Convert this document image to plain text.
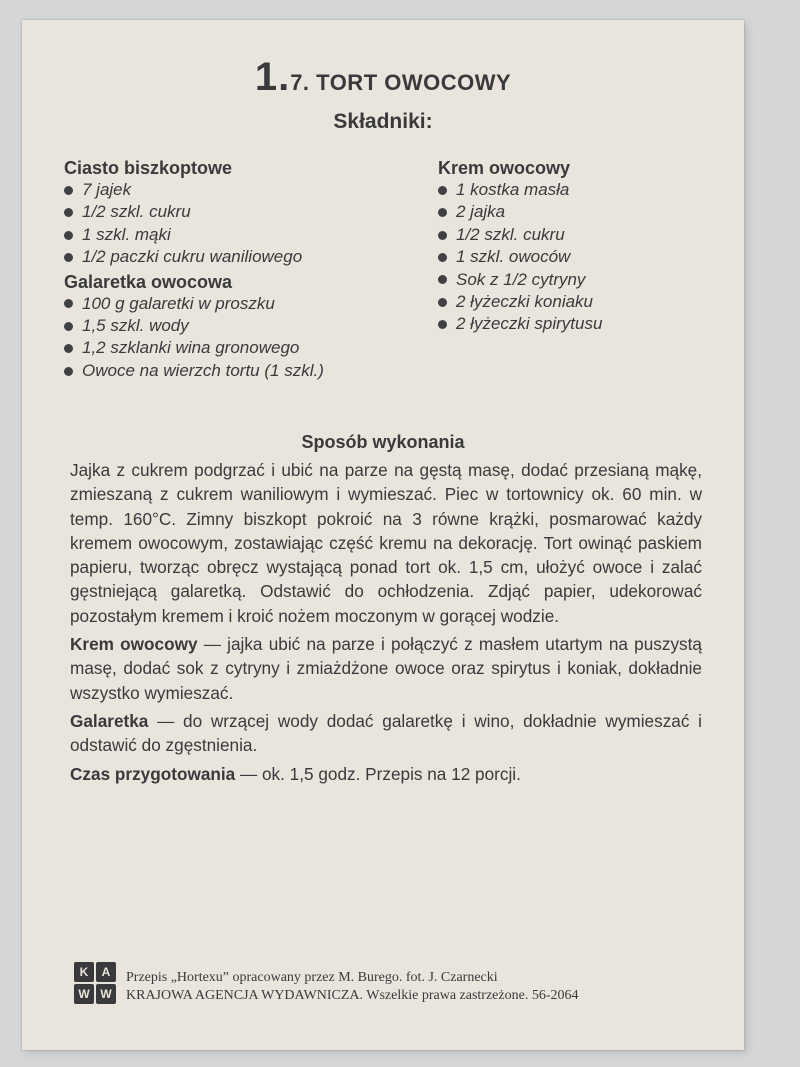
1.7. TORT OWOCOWY
Składniki:

Ciasto biszkoptowe

7 jajek
1/2 szkl. cukru
1 szkl. mąki
1/2 paczki cukru waniliowego

Galaretka owocowa

100 g galaretki w proszku
1,5 szkl. wody
1,2 szklanki wina gronowego
Owoce na wierzch tortu (1 szkl.)

Krem owocowy

1 kostka masła
2 jajka
1/2 szkl. cukru
1 szkl. owoców
Sok z 1/2 cytryny
2 łyżeczki koniaku
2 łyżeczki spirytusu
Sposób wykonania

Jajka z cukrem podgrzać i ubić na parze na gęstą masę, dodać przesianą mąkę, zmieszaną z cukrem waniliowym i wymieszać. Piec w tortownicy ok. 60 min. w temp. 160°C. Zimny biszkopt pokroić na 3 równe krążki, posmarować każdy kremem owocowym, zostawiając część kremu na dekorację. Tort owinąć paskiem papieru, tworząc obręcz wystającą ponad tort ok. 1,5 cm, ułożyć owoce i zalać gęstniejącą galaretką. Odstawić do ochłodzenia. Zdjąć papier, udekorować pozostałym kremem i kroić nożem moczonym w gorącej wodzie.

Krem owocowy — jajka ubić na parze i połączyć z masłem utartym na puszystą masę, dodać sok z cytryny i zmiażdżone owoce oraz spirytus i koniak, dokładnie wszystko wymieszać.

Galaretka — do wrzącej wody dodać galaretkę i wino, dokładnie wymieszać i odstawić do zgęstnienia.

Czas przygotowania — ok. 1,5 godz. Przepis na 12 porcji.

K	A
W W
Przepis „Hortexu” opracowany przez M. Burego. fot. J. Czarnecki
KRAJOWA AGENCJA WYDAWNICZA. Wszelkie prawa zastrzeżone. 56-2064
